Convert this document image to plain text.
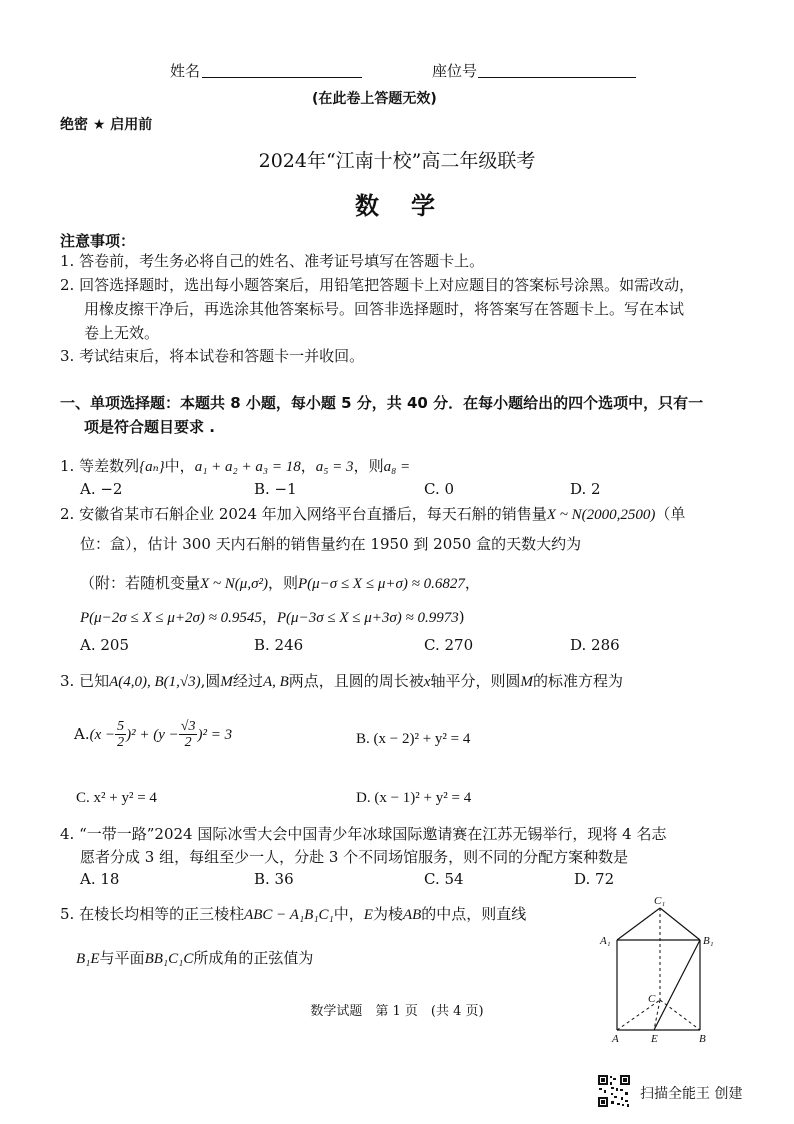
姓名	座位号
(在此卷上答题无效)
绝密 ★ 启用前
2024年“江南十校”高二年级联考
数　学
注意事项：
1. 答卷前，考生务必将自己的姓名、准考证号填写在答题卡上。
2. 回答选择题时，选出每小题答案后，用铅笔把答题卡上对应题目的答案标号涂黑。如需改动，
用橡皮擦干净后，再选涂其他答案标号。回答非选择题时，将答案写在答题卡上。写在本试
卷上无效。
3. 考试结束后，将本试卷和答题卡一并收回。
一、单项选择题：本题共 8 小题，每小题 5 分，共 40 分．在每小题给出的四个选项中，只有一
项是符合题目要求 .
1. 等差数列{aₙ}中，a₁ + a₂ + a₃ = 18，a₅ = 3，则a₈ =
A. −2	B. −1	C. 0	D. 2
2. 安徽省某市石斛企业 2024 年加入网络平台直播后，每天石斛的销售量X ~ N(2000,2500)（单
位：盒），估计 300 天内石斛的销售量约在 1950 到 2050 盒的天数大约为
（附：若随机变量X ~ N(μ,σ²)，则P(μ−σ ≤ X ≤ μ+σ) ≈ 0.6827，
P(μ−2σ ≤ X ≤ μ+2σ) ≈ 0.9545，P(μ−3σ ≤ X ≤ μ+3σ) ≈ 0.9973)
A. 205	B. 246	C. 270	D. 286
3. 已知A(4,0), B(1,√3),圆M经过A, B两点，且圆的周长被x轴平分，则圆M的标准方程为
$A.(x - \frac{5}{2} )^2 + (y - \frac{√3}{2} )^2 = 3$	B. (x − 2)² + y² = 4
C. x² + y² = 4	D. (x − 1)² + y² = 4
4. “一带一路”2024 国际冰雪大会中国青少年冰球国际邀请赛在江苏无锡举行，现将 4 名志
愿者分成 3 组，每组至少一人，分赴 3 个不同场馆服务，则不同的分配方案种数是
A. 18	B. 36	C. 54	D. 72
5. 在棱长均相等的正三棱柱ABC − A₁B₁C₁中，E为棱AB的中点，则直线
B₁E与平面BB₁C₁C所成角的正弦值为
C₁
A₁	B₁
C
A	E	B
数学试题　第 1 页　(共 4 页)
扫描全能王 创建
